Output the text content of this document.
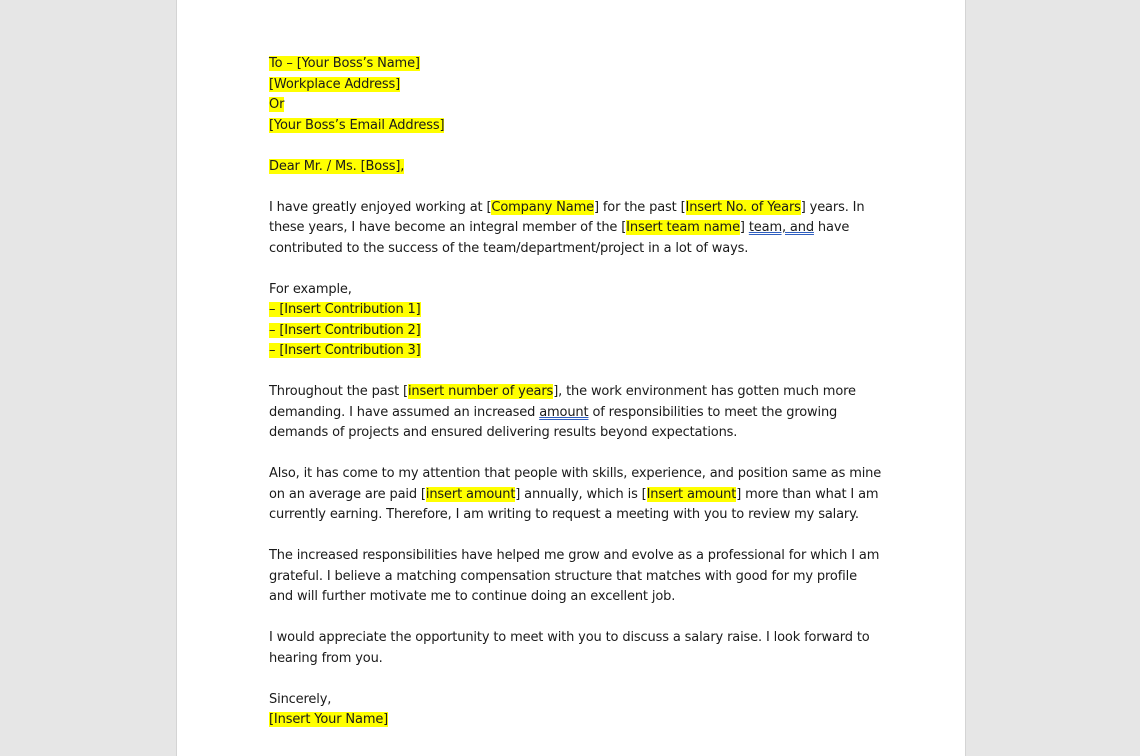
To – [Your Boss’s Name]
[Workplace Address]
Or
[Your Boss’s Email Address]
Dear Mr. / Ms. [Boss],
I have greatly enjoyed working at [Company Name] for the past [Insert No. of Years] years. In
these years, I have become an integral member of the [Insert team name] team, and have
contributed to the success of the team/department/project in a lot of ways.
For example,
– [Insert Contribution 1]
– [Insert Contribution 2]
– [Insert Contribution 3]
Throughout the past [insert number of years], the work environment has gotten much more
demanding. I have assumed an increased amount of responsibilities to meet the growing
demands of projects and ensured delivering results beyond expectations.
Also, it has come to my attention that people with skills, experience, and position same as mine
on an average are paid [insert amount] annually, which is [Insert amount] more than what I am
currently earning. Therefore, I am writing to request a meeting with you to review my salary.
The increased responsibilities have helped me grow and evolve as a professional for which I am
grateful. I believe a matching compensation structure that matches with good for my profile
and will further motivate me to continue doing an excellent job.
I would appreciate the opportunity to meet with you to discuss a salary raise. I look forward to
hearing from you.
Sincerely,
[Insert Your Name]
